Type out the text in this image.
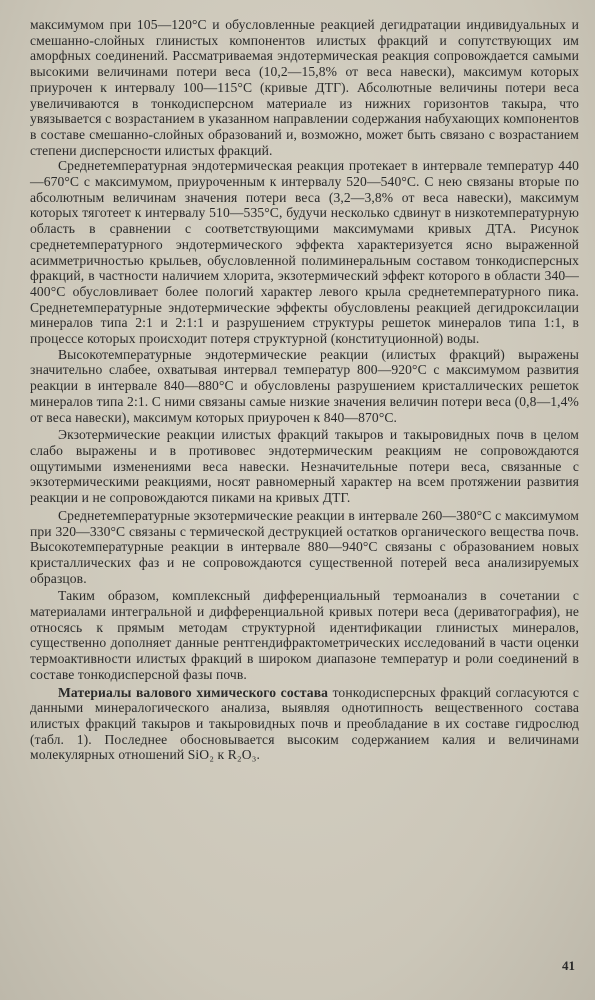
максимумом при 105—120°С и обусловленные реакцией дегидратации индивидуальных и смешанно-слойных глинистых компонентов илистых фракций и сопутствующих им аморфных соединений. Рассматриваемая эндотермическая реакция сопровождается самыми высокими величинами потери веса (10,2—15,8% от веса навески), максимум которых приурочен к интервалу 100—115°С (кривые ДТГ). Абсолютные величины потери веса увеличиваются в тонкодисперсном материале из нижних горизонтов такыра, что увязывается с возрастанием в указанном направлении содержания набухающих компонентов в составе смешанно-слойных образований и, возможно, может быть связано с возрастанием степени дисперсности илистых фракций.

Среднетемпературная эндотермическая реакция протекает в интервале температур 440—670°С с максимумом, приуроченным к интервалу 520—540°С. С нею связаны вторые по абсолютным величинам значения потери веса (3,2—3,8% от веса навески), максимум которых тяготеет к интервалу 510—535°С, будучи несколько сдвинут в низкотемпературную область в сравнении с соответствующими максимумами кривых ДТА. Рисунок среднетемпературного эндотермического эффекта характеризуется ясно выраженной асимметричностью крыльев, обусловленной полиминеральным составом тонкодисперсных фракций, в частности наличием хлорита, экзотермический эффект которого в области 340—400°С обусловливает более пологий характер левого крыла среднетемпературного пика. Среднетемпературные эндотермические эффекты обусловлены реакцией дегидроксилации минералов типа 2:1 и 2:1:1 и разрушением структуры решеток минералов типа 1:1, в процессе которых происходит потеря структурной (конституционной) воды.

Высокотемпературные эндотермические реакции (илистых фракций) выражены значительно слабее, охватывая интервал температур 800—920°С с максимумом развития реакции в интервале 840—880°С и обусловлены разрушением кристаллических решеток минералов типа 2:1. С ними связаны самые низкие значения величин потери веса (0,8—1,4% от веса навески), максимум которых приурочен к 840—870°С.

Экзотермические реакции илистых фракций такыров и такыровидных почв в целом слабо выражены и в противовес эндотермическим реакциям не сопровождаются ощутимыми изменениями веса навески. Незначительные потери веса, связанные с экзотермическими реакциями, носят равномерный характер на всем протяжении развития реакции и не сопровождаются пиками на кривых ДТГ.

Среднетемпературные экзотермические реакции в интервале 260—380°С с максимумом при 320—330°С связаны с термической деструкцией остатков органического вещества почв. Высокотемпературные реакции в интервале 880—940°С связаны с образованием новых кристаллических фаз и не сопровождаются существенной потерей веса анализируемых образцов.

Таким образом, комплексный дифференциальный термоанализ в сочетании с материалами интегральной и дифференциальной кривых потери веса (дериватография), не относясь к прямым методам структурной идентификации глинистых минералов, существенно дополняет данные рентгендифрактометрических исследований в части оценки термоактивности илистых фракций в широком диапазоне температур и роли соединений в составе тонкодисперсной фазы почв.

Материалы валового химического состава тонкодисперсных фракций согласуются с данными минералогического анализа, выявляя однотипность вещественного состава илистых фракций такыров и такыровидных почв и преобладание в их составе гидрослюд (табл. 1). Последнее обосновывается высоким содержанием калия и величинами молекулярных отношений SiO₂ к R₂O₃.

41
